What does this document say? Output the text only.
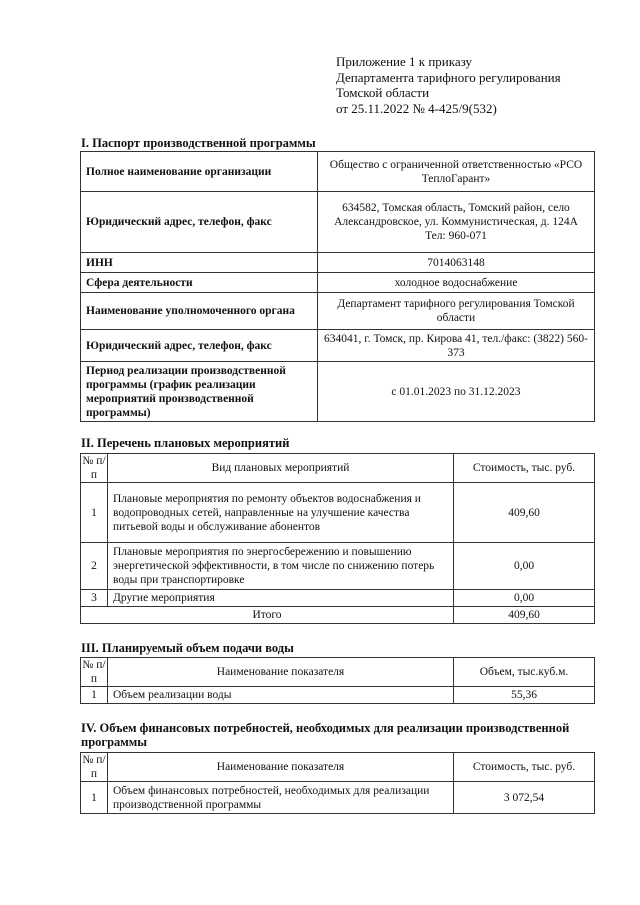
Приложение 1 к приказу
Департамента тарифного регулирования
Томской области
от 25.11.2022 № 4-425/9(532)
I. Паспорт производственной программы
Полное наименование организации	Общество с ограниченной ответственностью «РСО ТеплоГарант»
Юридический адрес, телефон, факс	634582, Томская область, Томский район, село Александровское, ул. Коммунистическая, д. 124А
Тел: 960-071

ИНН	7014063148
Сфера деятельности	холодное водоснабжение
Наименование уполномоченного органа	Департамент тарифного регулирования Томской области
Юридический адрес, телефон, факс	634041, г. Томск, пр. Кирова 41, тел./факс: (3822) 560-373
Период реализации производственной программы (график реализации мероприятий производственной программы)	с 01.01.2023 по 31.12.2023
II. Перечень плановых мероприятий
№ п/п	Вид плановых мероприятий	Стоимость, тыс. руб.
1	Плановые мероприятия по ремонту объектов водоснабжения и водопроводных сетей, направленные на улучшение качества питьевой воды и обслуживание абонентов	409,60
2	Плановые мероприятия по энергосбережению и повышению энергетической эффективности, в том числе по снижению потерь воды при транспортировке	0,00
3	Другие мероприятия	0,00
Итого		409,60
III. Планируемый объем подачи воды
№ п/п	Наименование показателя	Объем, тыс.куб.м.
1	Объем реализации воды	55,36
IV. Объем финансовых потребностей, необходимых для реализации производственной программы
№ п/п	Наименование показателя	Стоимость, тыс. руб.
1	Объем финансовых потребностей, необходимых для реализации производственной программы	3 072,54
